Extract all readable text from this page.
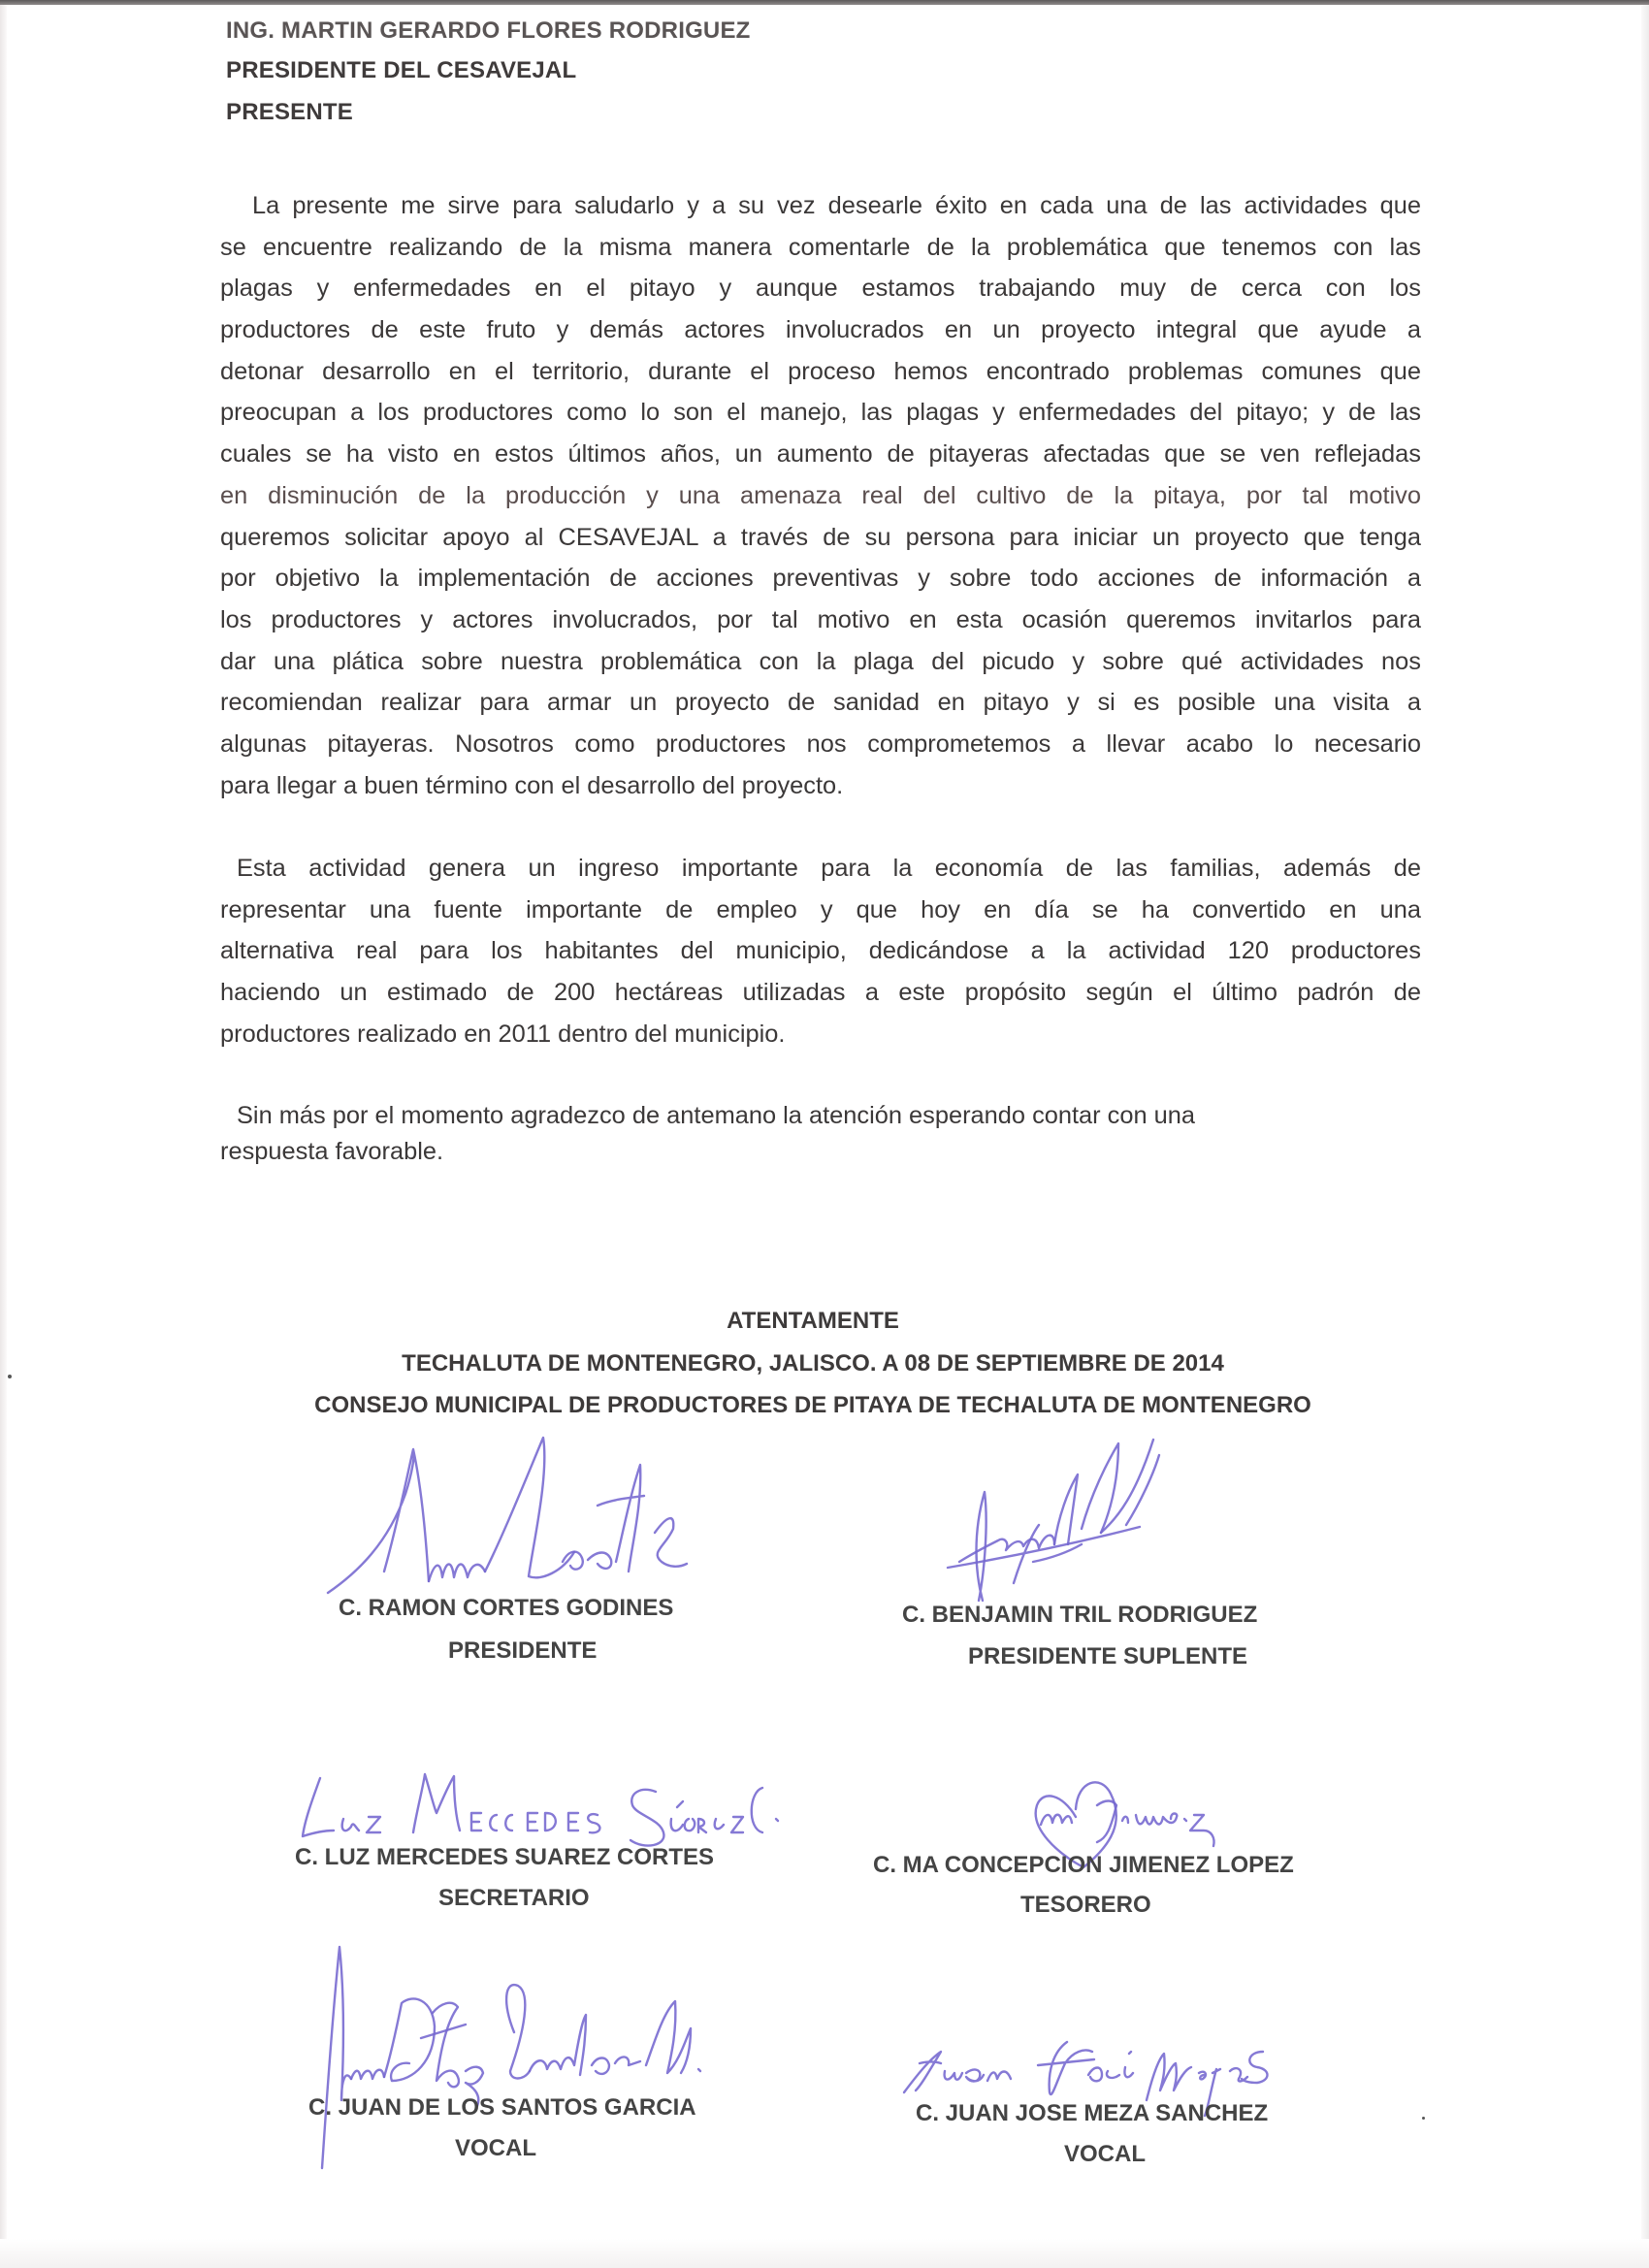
ING. MARTIN GERARDO FLORES RODRIGUEZ
PRESIDENTE DEL CESAVEJAL
PRESENTE
La presente me sirve para saludarlo y a su vez desearle éxito en cada una de las actividades que
se encuentre realizando de la misma manera comentarle de la problemática que tenemos con las
plagas y enfermedades en el pitayo y aunque estamos trabajando muy de cerca con los
productores de este fruto y demás actores involucrados en un proyecto integral que ayude a
detonar desarrollo en el territorio, durante el proceso hemos encontrado problemas comunes que
preocupan a los productores como lo son el manejo, las plagas y enfermedades del pitayo; y de las
cuales se ha visto en estos últimos años, un aumento de pitayeras afectadas que se ven reflejadas
en disminución de la producción y una amenaza real del cultivo de la pitaya, por tal motivo
queremos solicitar apoyo al CESAVEJAL a través de su persona para iniciar un proyecto que tenga
por objetivo la implementación de acciones preventivas y sobre todo acciones de información a
los productores y actores involucrados, por tal motivo en esta ocasión queremos invitarlos para
dar una plática sobre nuestra problemática con la plaga del picudo y sobre qué actividades nos
recomiendan realizar para armar un proyecto de sanidad en pitayo y si es posible una visita a
algunas pitayeras. Nosotros como productores nos comprometemos a llevar acabo lo necesario
para llegar a buen término con el desarrollo del proyecto.
Esta actividad genera un ingreso importante para la economía de las familias, además de
representar una fuente importante de empleo y que hoy en día se ha convertido en una
alternativa real para los habitantes del municipio, dedicándose a la actividad 120 productores
haciendo un estimado de 200 hectáreas utilizadas a este propósito según el último padrón de
productores realizado en 2011 dentro del municipio.
Sin más por el momento agradezco de antemano la atención esperando contar con una
respuesta favorable.
ATENTAMENTE
TECHALUTA DE MONTENEGRO, JALISCO. A 08 DE SEPTIEMBRE DE 2014
CONSEJO MUNICIPAL DE PRODUCTORES DE PITAYA DE TECHALUTA DE MONTENEGRO
C. RAMON CORTES GODINES
PRESIDENTE
C. BENJAMIN TRIL RODRIGUEZ
PRESIDENTE SUPLENTE
C. LUZ MERCEDES SUAREZ CORTES
SECRETARIO
C. MA CONCEPCION JIMENEZ LOPEZ
TESORERO
C. JUAN DE LOS SANTOS GARCIA
VOCAL
C. JUAN JOSE MEZA SANCHEZ
VOCAL
